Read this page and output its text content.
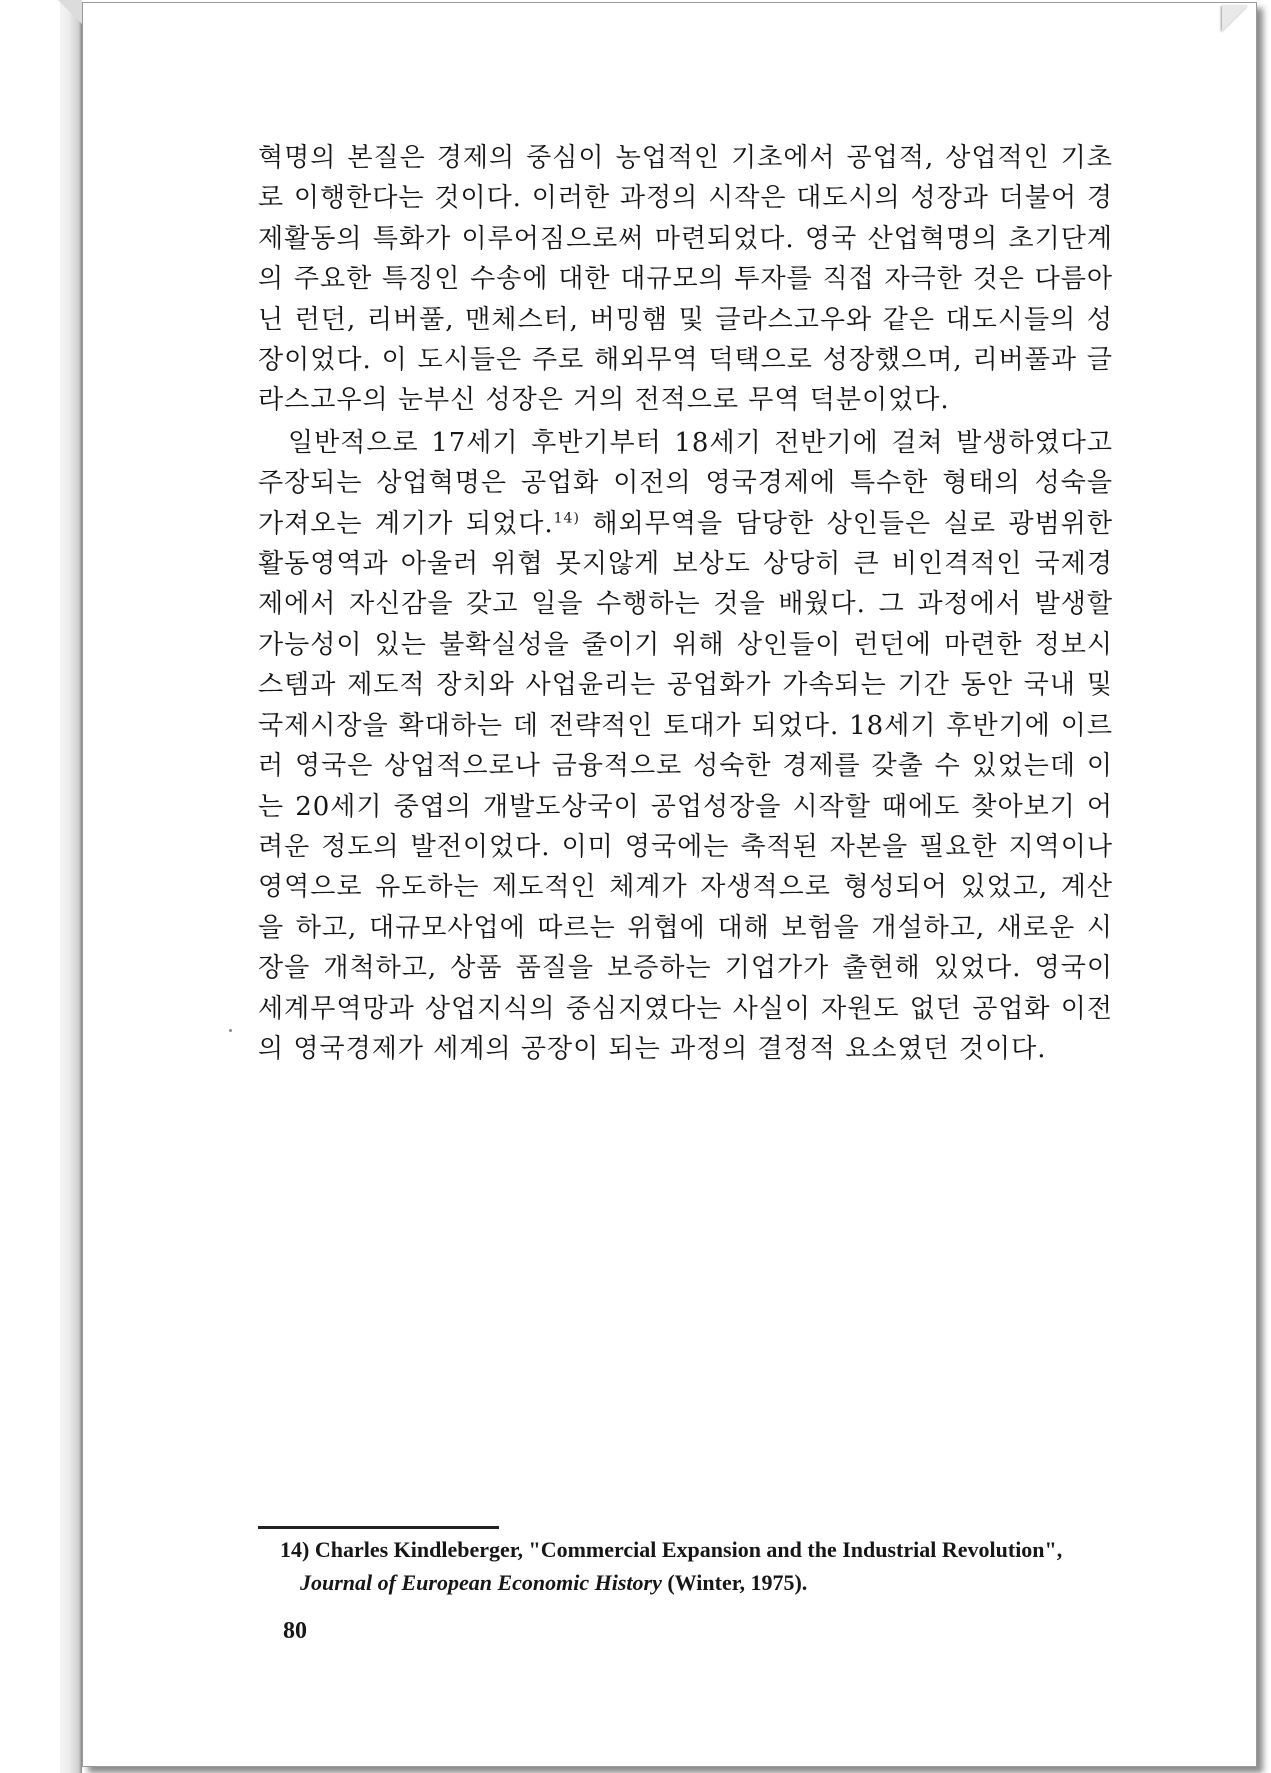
혁명의 본질은 경제의 중심이 농업적인 기초에서 공업적, 상업적인 기초로 이행한다는 것이다. 이러한 과정의 시작은 대도시의 성장과 더불어 경제활동의 특화가 이루어짐으로써 마련되었다. 영국 산업혁명의 초기단계의 주요한 특징인 수송에 대한 대규모의 투자를 직접 자극한 것은 다름아닌 런던, 리버풀, 맨체스터, 버밍햄 및 글라스고우와 같은 대도시들의 성장이었다. 이 도시들은 주로 해외무역 덕택으로 성장했으며, 리버풀과 글라스고우의 눈부신 성장은 거의 전적으로 무역 덕분이었다.

일반적으로 17세기 후반기부터 18세기 전반기에 걸쳐 발생하였다고 주장되는 상업혁명은 공업화 이전의 영국경제에 특수한 형태의 성숙을 가져오는 계기가 되었다.$^{14)}$ 해외무역을 담당한 상인들은 실로 광범위한 활동영역과 아울러 위협 못지않게 보상도 상당히 큰 비인격적인 국제경제에서 자신감을 갖고 일을 수행하는 것을 배웠다. 그 과정에서 발생할 가능성이 있는 불확실성을 줄이기 위해 상인들이 런던에 마련한 정보시스템과 제도적 장치와 사업윤리는 공업화가 가속되는 기간 동안 국내 및 국제시장을 확대하는 데 전략적인 토대가 되었다. 18세기 후반기에 이르러 영국은 상업적으로나 금융적으로 성숙한 경제를 갖출 수 있었는데 이는 20세기 중엽의 개발도상국이 공업성장을 시작할 때에도 찾아보기 어려운 정도의 발전이었다. 이미 영국에는 축적된 자본을 필요한 지역이나 영역으로 유도하는 제도적인 체계가 자생적으로 형성되어 있었고, 계산을 하고, 대규모사업에 따르는 위협에 대해 보험을 개설하고, 새로운 시장을 개척하고, 상품 품질을 보증하는 기업가가 출현해 있었다. 영국이 세계무역망과 상업지식의 중심지였다는 사실이 자원도 없던 공업화 이전의 영국경제가 세계의 공장이 되는 과정의 결정적 요소였던 것이다.

14) Charles Kindleberger, "Commercial Expansion and the Industrial Revolution",
Journal of European Economic History (Winter, 1975).
80
